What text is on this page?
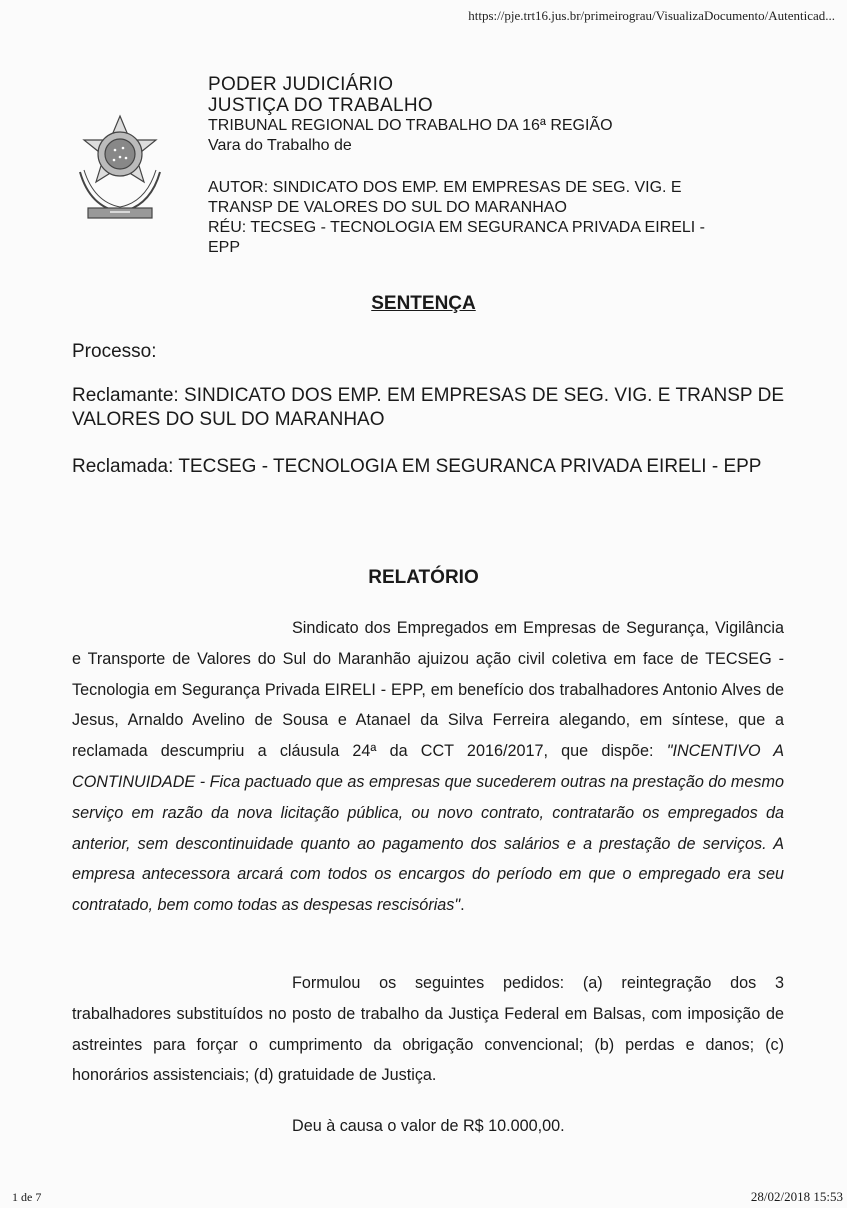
https://pje.trt16.jus.br/primeirograu/VisualizaDocumento/Autenticad...
PODER JUDICIÁRIO
JUSTIÇA DO TRABALHO
TRIBUNAL REGIONAL DO TRABALHO DA 16ª REGIÃO
Vara do Trabalho de
AUTOR: SINDICATO DOS EMP. EM EMPRESAS DE SEG. VIG. E
TRANSP DE VALORES DO SUL DO MARANHAO
RÉU: TECSEG - TECNOLOGIA EM SEGURANCA PRIVADA EIRELI -
EPP
SENTENÇA
Processo:
Reclamante: SINDICATO DOS EMP. EM EMPRESAS DE SEG. VIG. E TRANSP DE VALORES DO SUL DO MARANHAO
Reclamada: TECSEG - TECNOLOGIA EM SEGURANCA PRIVADA EIRELI - EPP
RELATÓRIO
Sindicato dos Empregados em Empresas de Segurança, Vigilância e Transporte de Valores do Sul do Maranhão ajuizou ação civil coletiva em face de TECSEG - Tecnologia em Segurança Privada EIRELI - EPP, em benefício dos trabalhadores Antonio Alves de Jesus, Arnaldo Avelino de Sousa e Atanael da Silva Ferreira alegando, em síntese, que a reclamada descumpriu a cláusula 24ª da CCT 2016/2017, que dispõe: "INCENTIVO A CONTINUIDADE - Fica pactuado que as empresas que sucederem outras na prestação do mesmo serviço em razão da nova licitação pública, ou novo contrato, contratarão os empregados da anterior, sem descontinuidade quanto ao pagamento dos salários e a prestação de serviços. A empresa antecessora arcará com todos os encargos do período em que o empregado era seu contratado, bem como todas as despesas rescisórias".
Formulou os seguintes pedidos: (a) reintegração dos 3 trabalhadores substituídos no posto de trabalho da Justiça Federal em Balsas, com imposição de astreintes para forçar o cumprimento da obrigação convencional; (b) perdas e danos; (c) honorários assistenciais; (d) gratuidade de Justiça.
Deu à causa o valor de R$ 10.000,00.
1 de 7	28/02/2018 15:53
